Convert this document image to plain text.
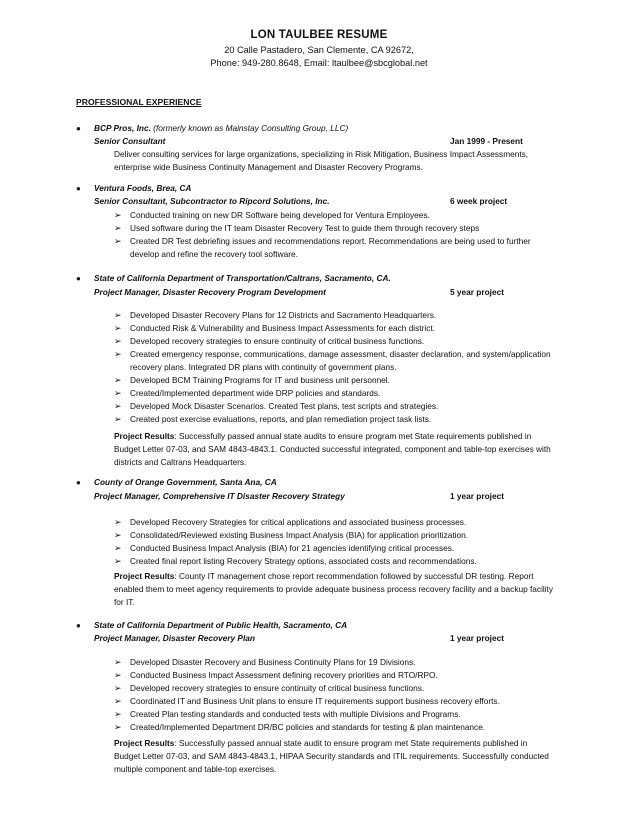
LON TAULBEE RESUME
20 Calle Pastadero, San Clemente, CA 92672,
Phone: 949-280.8648, Email: ltaulbee@sbcglobal.net
PROFESSIONAL EXPERIENCE
● BCP Pros, Inc. (formerly known as Mainstay Consulting Group, LLC)
Senior Consultant	Jan 1999 - Present
Deliver consulting services for large organizations, specializing in Risk Mitigation, Business Impact Assessments, enterprise wide Business Continuity Management and Disaster Recovery Programs.
● Ventura Foods, Brea, CA
Senior Consultant, Subcontractor to Ripcord Solutions, Inc.	6 week project
➢ Conducted training on new DR Software being developed for Ventura Employees.
➢ Used software during the IT team Disaster Recovery Test to guide them through recovery steps
➢ Created DR Test debriefing issues and recommendations report. Recommendations are being used to further develop and refine the recovery tool software.
● State of California Department of Transportation/Caltrans, Sacramento, CA.
Project Manager, Disaster Recovery Program Development	5 year project
➢ Developed Disaster Recovery Plans for 12 Districts and Sacramento Headquarters.
➢ Conducted Risk & Vulnerability and Business Impact Assessments for each district.
➢ Developed recovery strategies to ensure continuity of critical business functions.
➢ Created emergency response, communications, damage assessment, disaster declaration, and system/application recovery plans. Integrated DR plans with continuity of government plans.
➢ Developed BCM Training Programs for IT and business unit personnel.
➢ Created/Implemented department wide DRP policies and standards.
➢ Developed Mock Disaster Scenarios. Created Test plans, test scripts and strategies.
➢ Created post exercise evaluations, reports, and plan remediation project task lists.
Project Results: Successfully passed annual state audits to ensure program met State requirements published in Budget Letter 07-03, and SAM 4843-4843.1. Conducted successful integrated, component and table-top exercises with districts and Caltrans Headquarters.
● County of Orange Government, Santa Ana, CA
Project Manager, Comprehensive IT Disaster Recovery Strategy	1 year project
➢ Developed Recovery Strategies for critical applications and associated business processes.
➢ Consolidated/Reviewed existing Business Impact Analysis (BIA) for application prioritization.
➢ Conducted Business Impact Analysis (BIA) for 21 agencies identifying critical processes.
➢ Created final report listing Recovery Strategy options, associated costs and recommendations.
Project Results: County IT management chose report recommendation followed by successful DR testing. Report enabled them to meet agency requirements to provide adequate business process recovery facility and a backup facility for IT.
● State of California Department of Public Health, Sacramento, CA
Project Manager, Disaster Recovery Plan	1 year project
➢ Developed Disaster Recovery and Business Continuity Plans for 19 Divisions.
➢ Conducted Business Impact Assessment defining recovery priorities and RTO/RPO.
➢ Developed recovery strategies to ensure continuity of critical business functions.
➢ Coordinated IT and Business Unit plans to ensure IT requirements support business recovery efforts.
➢ Created Plan testing standards and conducted tests with multiple Divisions and Programs.
➢ Created/Implemented Department DR/BC policies and standards for testing & plan maintenance.
Project Results: Successfully passed annual state audit to ensure program met State requirements published in Budget Letter 07-03, and SAM 4843-4843.1, HIPAA Security standards and ITIL requirements. Successfully conducted multiple component and table-top exercises.
